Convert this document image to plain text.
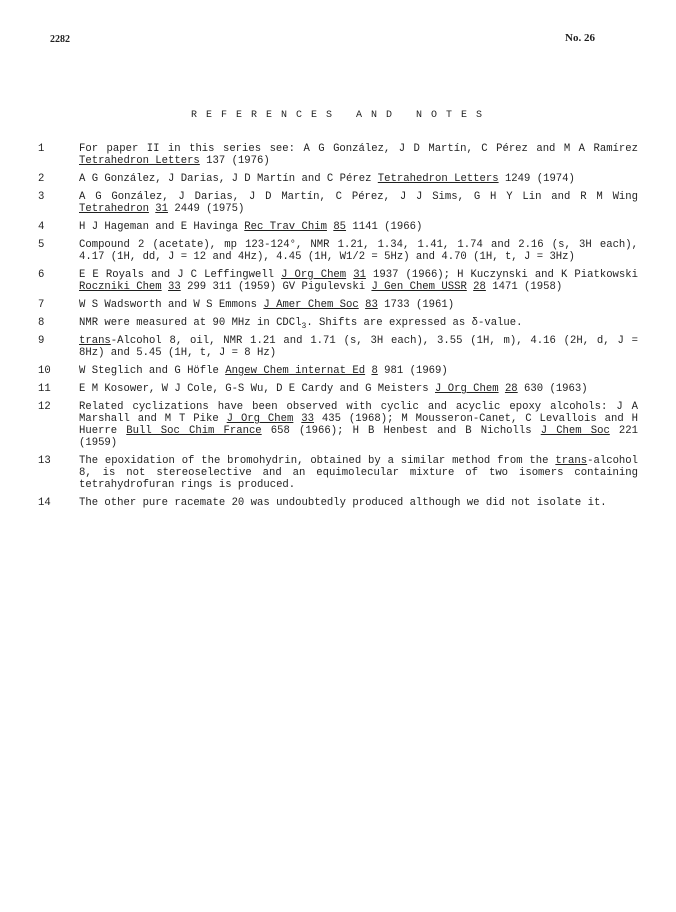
2282	No. 26
REFERENCES AND NOTES
1	For paper II in this series see: A G González, J D Martín, C Pérez and M A Ramírez Tetrahedron Letters 137 (1976)
2	A G González, J Darias, J D Martín and C Pérez Tetrahedron Letters 1249 (1974)
3	A G González, J Darias, J D Martín, C Pérez, J J Sims, G H Y Lin and R M Wing Tetrahedron 31 2449 (1975)
4	H J Hageman and E Havinga Rec Trav Chim 85 1141 (1966)
5	Compound 2 (acetate), mp 123-124°, NMR 1.21, 1.34, 1.41, 1.74 and 2.16 (s, 3H each), 4.17 (1H, dd, J = 12 and 4Hz), 4.45 (1H, W1/2 = 5Hz) and 4.70 (1H, t, J = 3Hz)
6	E E Royals and J C Leffingwell J Org Chem 31 1937 (1966); H Kuczynski and K Piatkowski Roczniki Chem 33 299 311 (1959) GV Pigulevski J Gen Chem USSR 28 1471 (1958)
7	W S Wadsworth and W S Emmons J Amer Chem Soc 83 1733 (1961)
8	NMR were measured at 90 MHz in CDCl$_3$. Shifts are expressed as δ-value.
9	trans-Alcohol 8, oil, NMR 1.21 and 1.71 (s, 3H each), 3.55 (1H, m), 4.16 (2H, d, J = 8Hz) and 5.45 (1H, t, J = 8 Hz)
10	W Steglich and G Höfle Angew Chem internat Ed 8 981 (1969)
11	E M Kosower, W J Cole, G-S Wu, D E Cardy and G Meisters J Org Chem 28 630 (1963)
12	Related cyclizations have been observed with cyclic and acyclic epoxy alcohols: J A Marshall and M T Pike J Org Chem 33 435 (1968); M Mousseron-Canet, C Levallois and H Huerre Bull Soc Chim France 658 (1966); H B Henbest and B Nicholls J Chem Soc 221 (1959)
13	The epoxidation of the bromohydrin, obtained by a similar method from the trans-alcohol 8, is not stereoselective and an equimolecular mixture of two isomers containing tetrahydrofuran rings is produced.
14	The other pure racemate 20 was undoubtedly produced although we did not isolate it.
